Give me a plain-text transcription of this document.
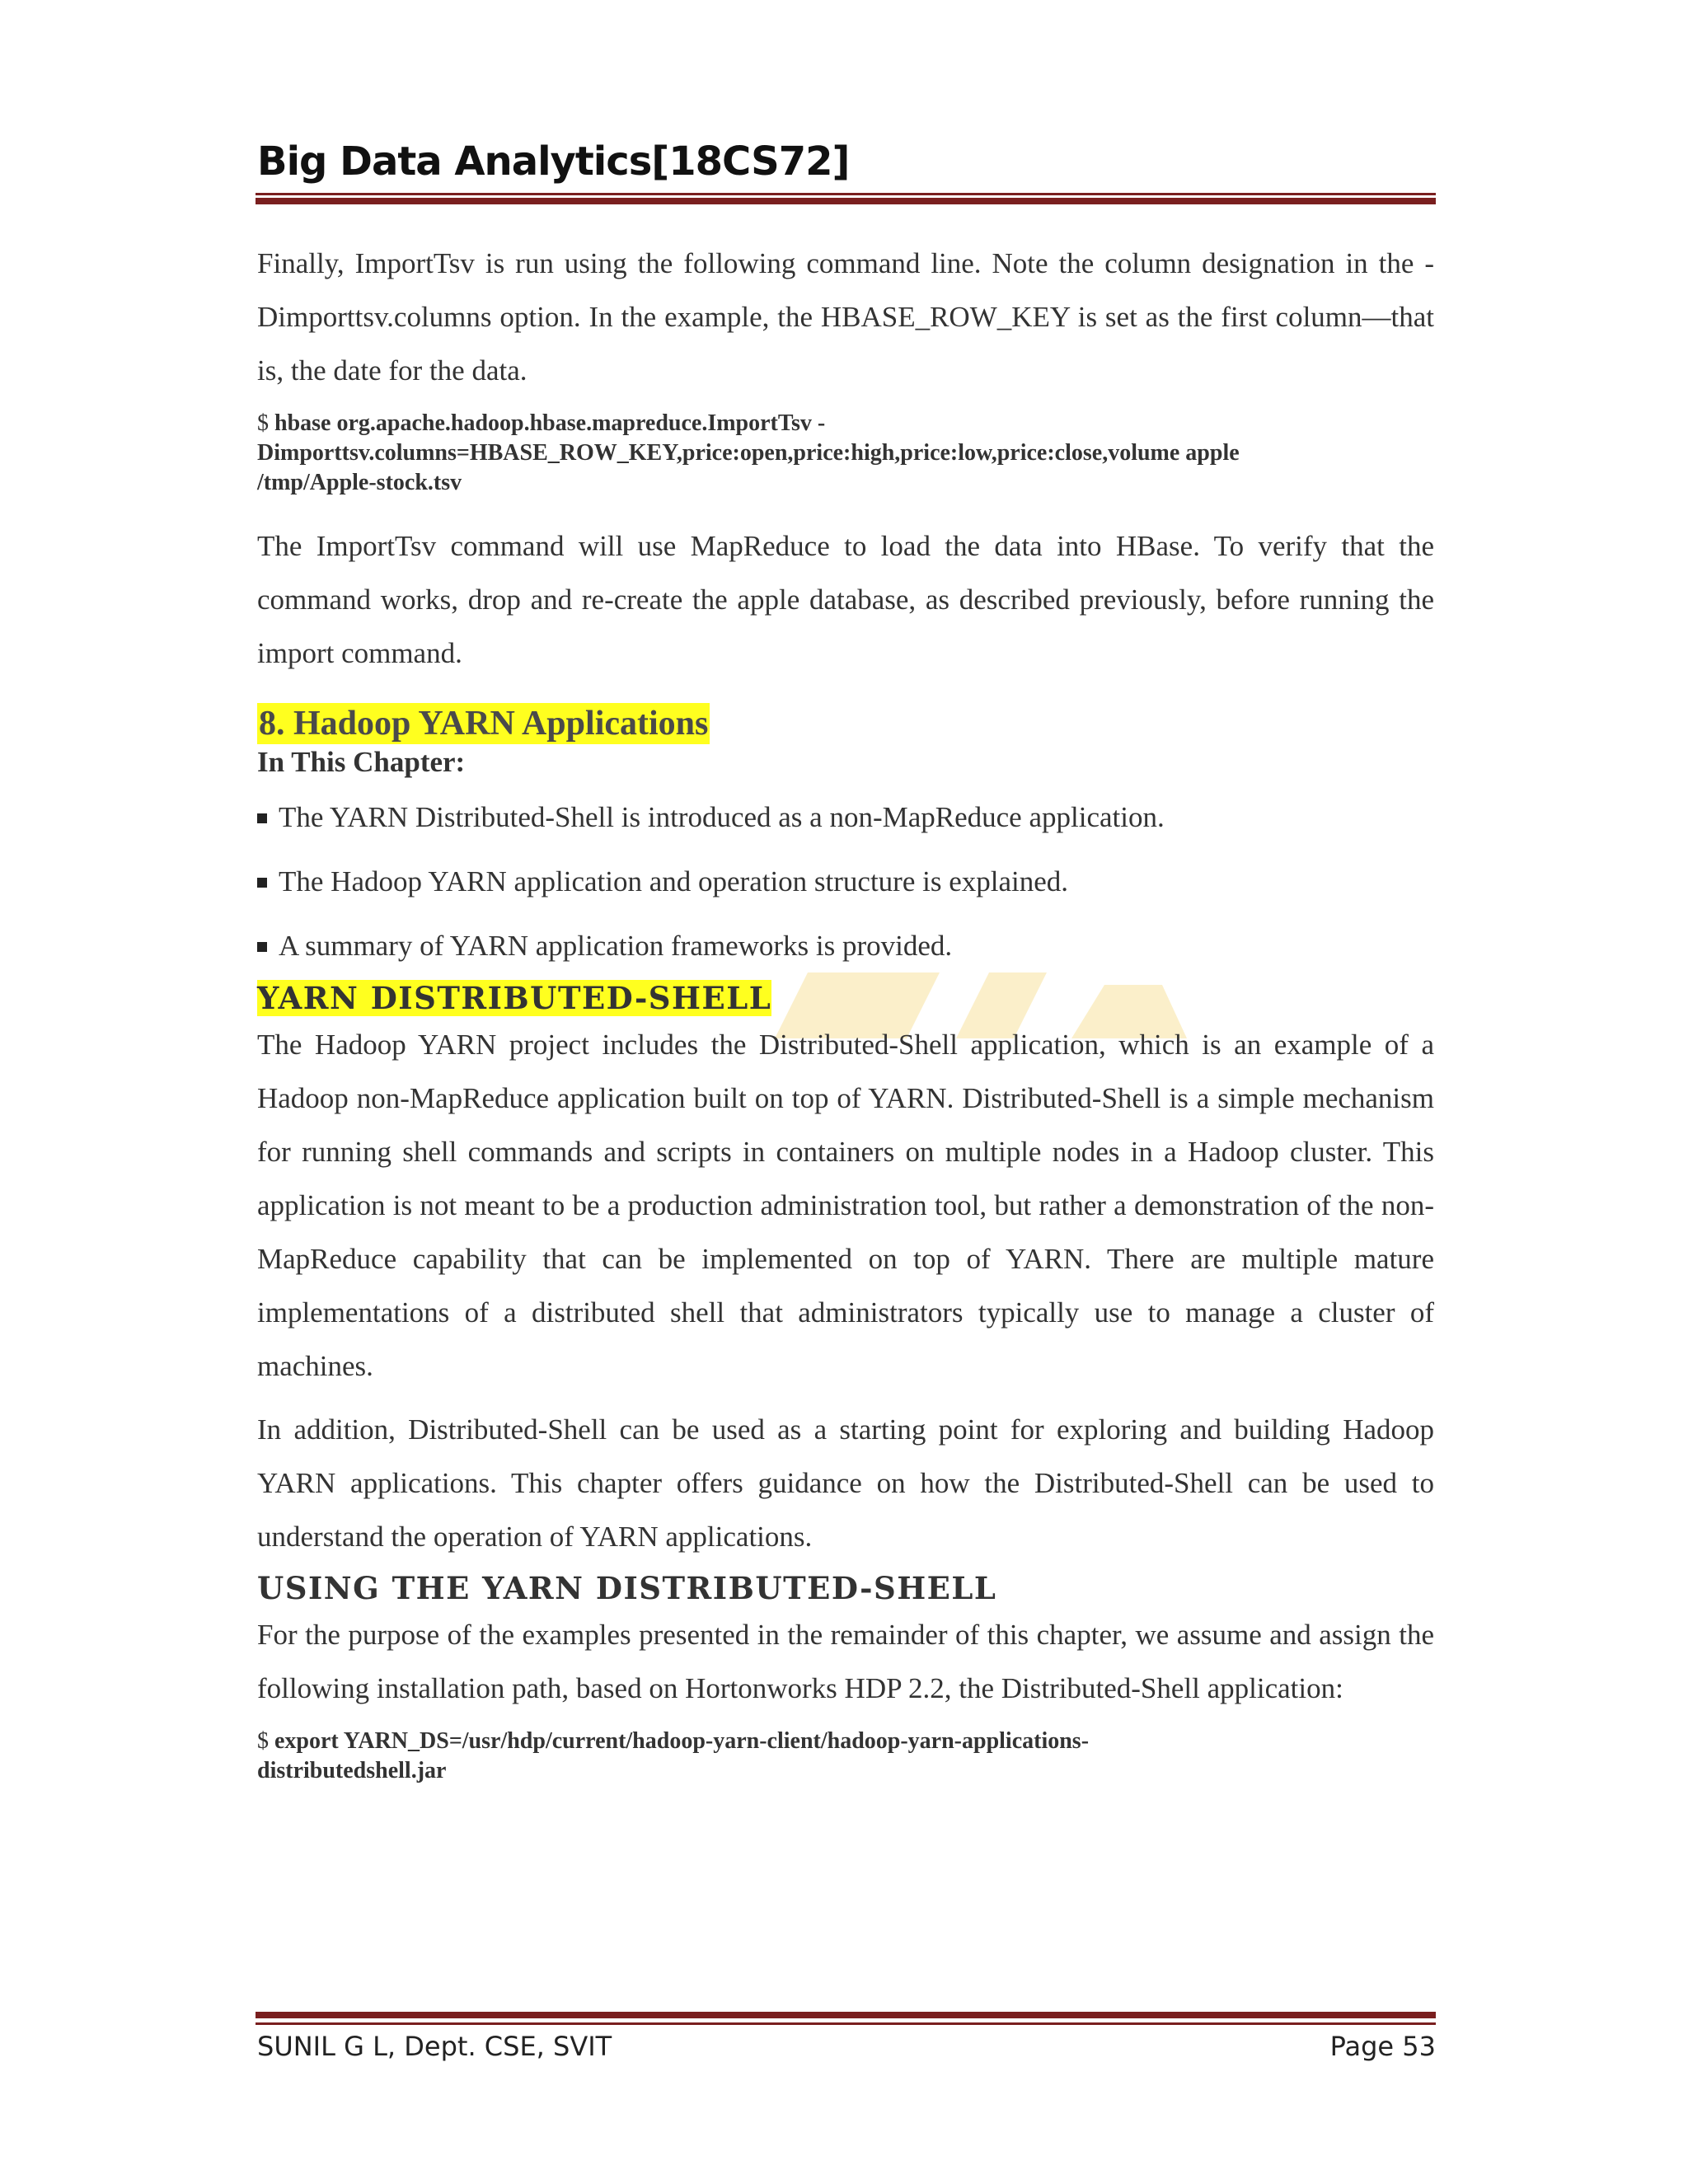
Big Data Analytics[18CS72]

Finally, ImportTsv is run using the following command line. Note the column designation in the -Dimporttsv.columns option. In the example, the HBASE_ROW_KEY is set as the first column—that is, the date for the data.

$ hbase org.apache.hadoop.hbase.mapreduce.ImportTsv -

Dimporttsv.columns=HBASE_ROW_KEY,price:open,price:high,price:low,price:close,volume apple

/tmp/Apple-stock.tsv

The ImportTsv command will use MapReduce to load the data into HBase. To verify that the command works, drop and re-create the apple database, as described previously, before running the import command.

8. Hadoop YARN Applications

In This Chapter:

The YARN Distributed-Shell is introduced as a non-MapReduce application.

The Hadoop YARN application and operation structure is explained.

A summary of YARN application frameworks is provided.

YARN DISTRIBUTED-SHELL

The Hadoop YARN project includes the Distributed-Shell application, which is an example of a Hadoop non-MapReduce application built on top of YARN. Distributed-Shell is a simple mechanism for running shell commands and scripts in containers on multiple nodes in a Hadoop cluster. This application is not meant to be a production administration tool, but rather a demonstration of the non-MapReduce capability that can be implemented on top of YARN. There are multiple mature implementations of a distributed shell that administrators typically use to manage a cluster of machines.

In addition, Distributed-Shell can be used as a starting point for exploring and building Hadoop YARN applications. This chapter offers guidance on how the Distributed-Shell can be used to understand the operation of YARN applications.

USING THE YARN DISTRIBUTED-SHELL

For the purpose of the examples presented in the remainder of this chapter, we assume and assign the following installation path, based on Hortonworks HDP 2.2, the Distributed-Shell application:

$ export YARN_DS=/usr/hdp/current/hadoop-yarn-client/hadoop-yarn-applications-

distributedshell.jar

SUNIL G L, Dept. CSE, SVIT	Page 53
